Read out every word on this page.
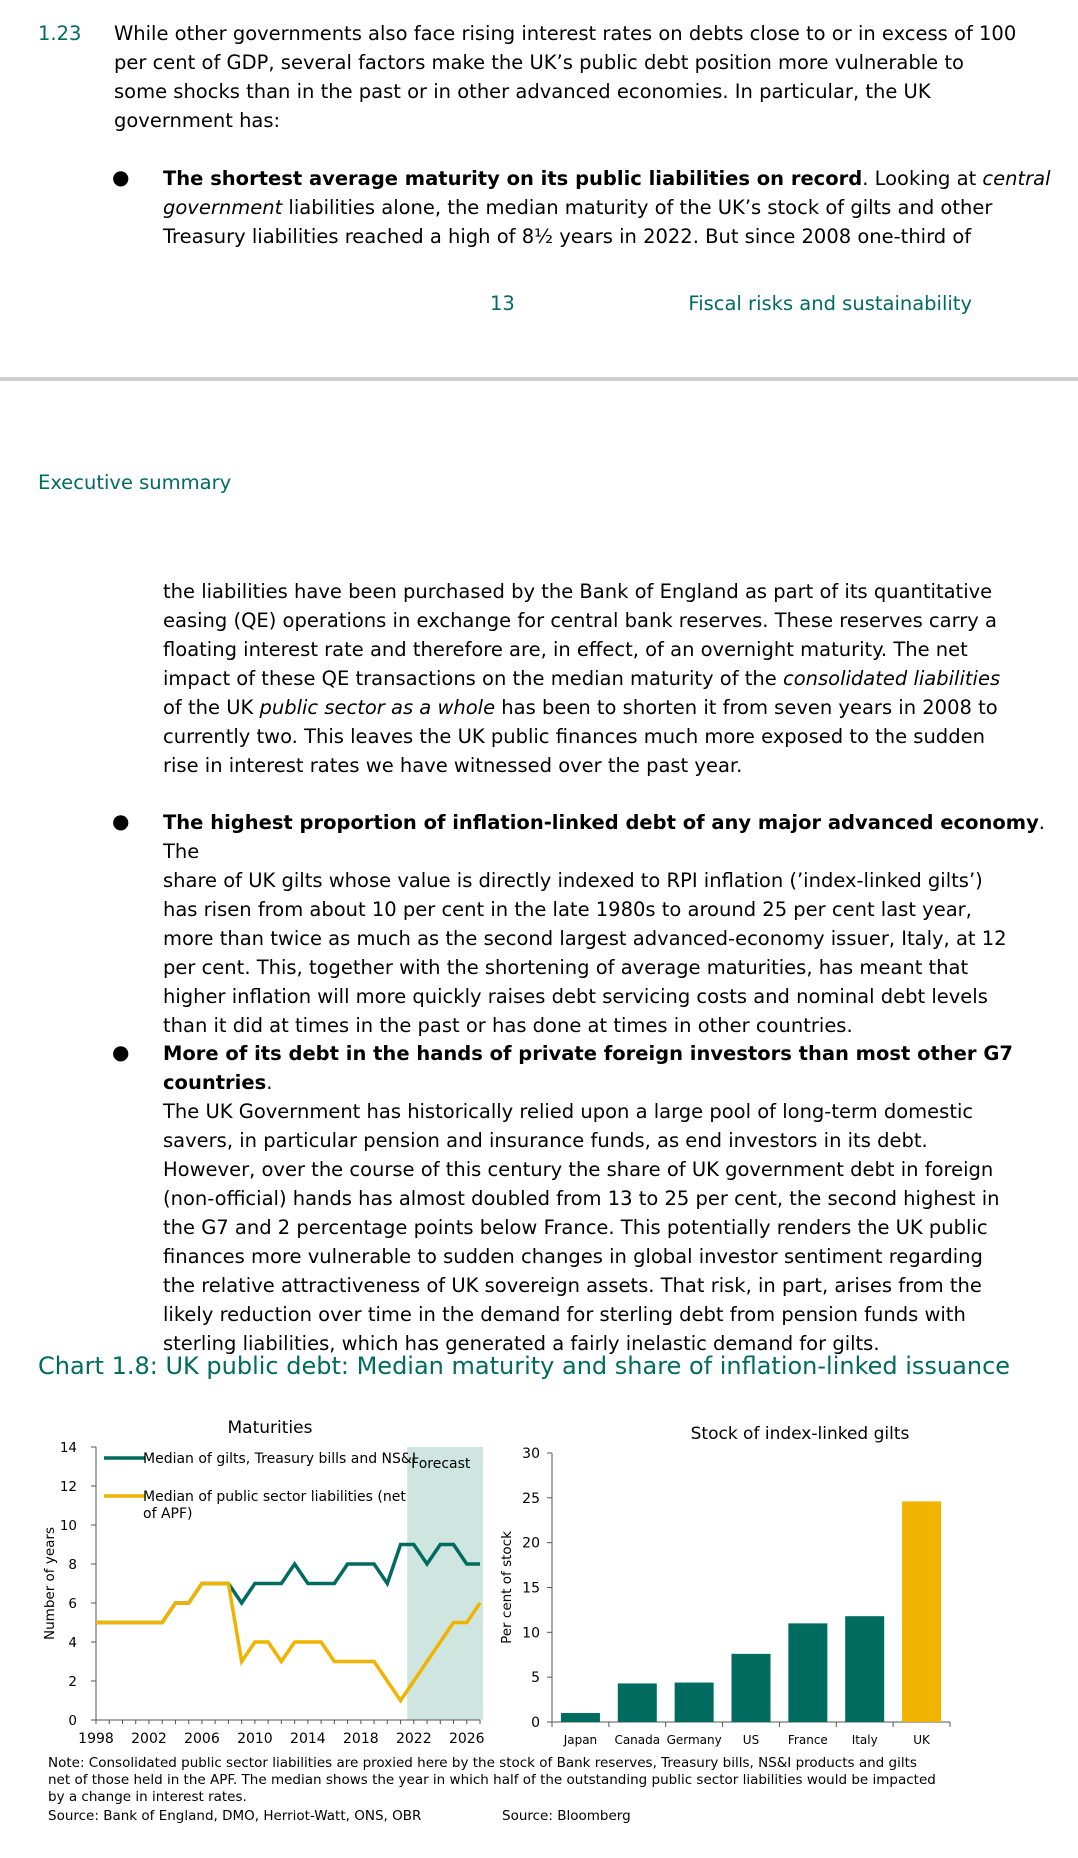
1.23 While other governments also face rising interest rates on debts close to or in excess of 100
per cent of GDP, several factors make the UK’s public debt position more vulnerable to
some shocks than in the past or in other advanced economies. In particular, the UK
government has:
● The shortest average maturity on its public liabilities on record. Looking at central
government liabilities alone, the median maturity of the UK’s stock of gilts and other
Treasury liabilities reached a high of 8½ years in 2022. But since 2008 one-third of
13	Fiscal risks and sustainability
Executive summary
the liabilities have been purchased by the Bank of England as part of its quantitative
easing (QE) operations in exchange for central bank reserves. These reserves carry a
floating interest rate and therefore are, in effect, of an overnight maturity. The net
impact of these QE transactions on the median maturity of the consolidated liabilities
of the UK public sector as a whole has been to shorten it from seven years in 2008 to
currently two. This leaves the UK public finances much more exposed to the sudden
rise in interest rates we have witnessed over the past year.
● The highest proportion of inflation-linked debt of any major advanced economy. The
share of UK gilts whose value is directly indexed to RPI inflation (’index-linked gilts’)
has risen from about 10 per cent in the late 1980s to around 25 per cent last year,
more than twice as much as the second largest advanced-economy issuer, Italy, at 12
per cent. This, together with the shortening of average maturities, has meant that
higher inflation will more quickly raises debt servicing costs and nominal debt levels
than it did at times in the past or has done at times in other countries.
● More of its debt in the hands of private foreign investors than most other G7 countries.
The UK Government has historically relied upon a large pool of long-term domestic
savers, in particular pension and insurance funds, as end investors in its debt.
However, over the course of this century the share of UK government debt in foreign
(non-official) hands has almost doubled from 13 to 25 per cent, the second highest in
the G7 and 2 percentage points below France. This potentially renders the UK public
finances more vulnerable to sudden changes in global investor sentiment regarding
the relative attractiveness of UK sovereign assets. That risk, in part, arises from the
likely reduction over time in the demand for sterling debt from pension funds with
sterling liabilities, which has generated a fairly inelastic demand for gilts.
Chart 1.8: UK public debt: Median maturity and share of inflation-linked issuance
Forecast
Maturities
0
2
4
6
8
10
12
14
1998 2002 2006 2010 2014 2018 2022 2026
Number of years
Median of gilts, Treasury bills and NS&I
Median of public sector liabilities (net of APF)
Stock of index-linked gilts
0
5
10
15
20
25
30
Per cent of stock
Japan Canada Germany US France Italy	UK
Note: Consolidated public sector liabilities are proxied here by the stock of Bank reserves, Treasury bills, NS&I products and gilts
net of those held in the APF. The median shows the year in which half of the outstanding public sector liabilities would be impacted
by a change in interest rates.
Source: Bank of England, DMO, Herriot-Watt, ONS, OBR	Source: Bloomberg
